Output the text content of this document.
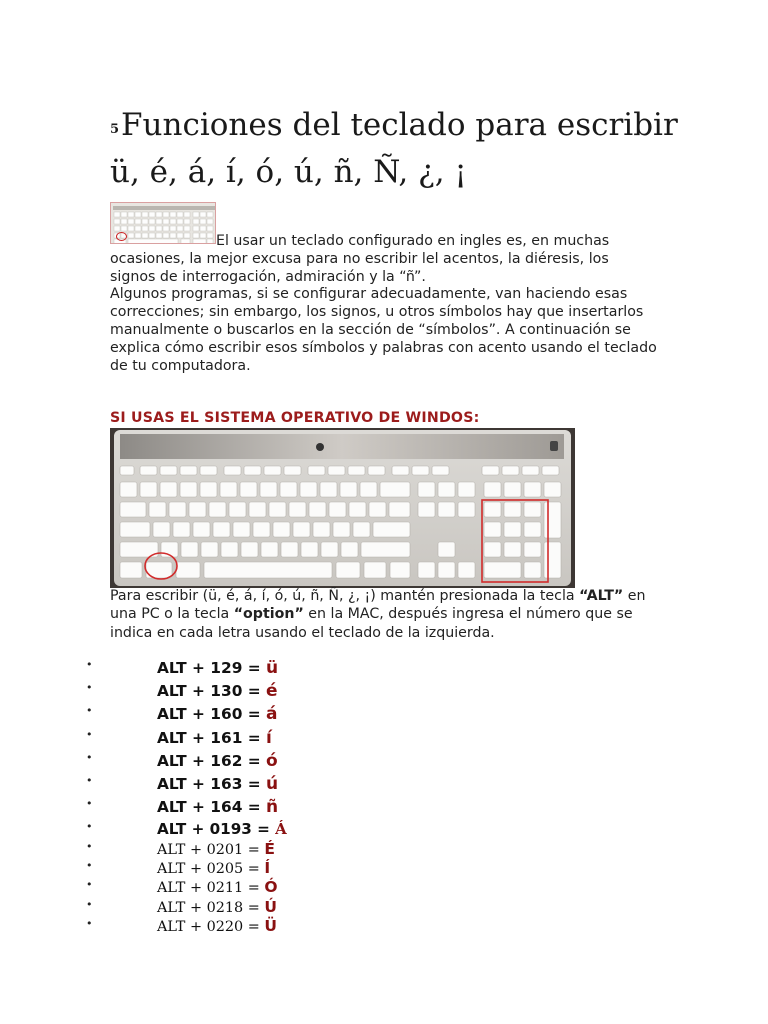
5Funciones del teclado para escribir
ü, é, á, í, ó, ú, ñ, Ñ, ¿, ¡

El usar un teclado configurado en ingles es, en muchas ocasiones, la mejor excusa para no escribir lel acentos, la diéresis, los signos de interrogación, admiración y la “ñ”.

Algunos programas, si se configurar adecuadamente, van haciendo esas correcciones; sin embargo, los signos, u otros símbolos hay que insertarlos manualmente o buscarlos en la sección de “símbolos”. A continuación se explica cómo escribir esos símbolos y palabras con acento usando el teclado de tu computadora.

SI USAS EL SISTEMA OPERATIVO DE WINDOS:

Para escribir (ü, é, á, í, ó, ú, ñ, Ñ, ¿, ¡) mantén presionada la tecla “ALT” en una PC o la tecla “option” en la MAC, después ingresa el número que se indica en cada letra usando el teclado de la izquierda.

•	ALT + 129 = ü
•	ALT + 130 = é
•	ALT + 160 = á
•	ALT + 161 = í
•	ALT + 162 = ó
•	ALT + 163 = ú
•	ALT + 164 = ñ
•	ALT + 0193 = Á
•	ALT + 0201 = É
•	ALT + 0205 = Í
•	ALT + 0211 = Ó
•	ALT + 0218 = Ú
•	ALT + 0220 = Ü
